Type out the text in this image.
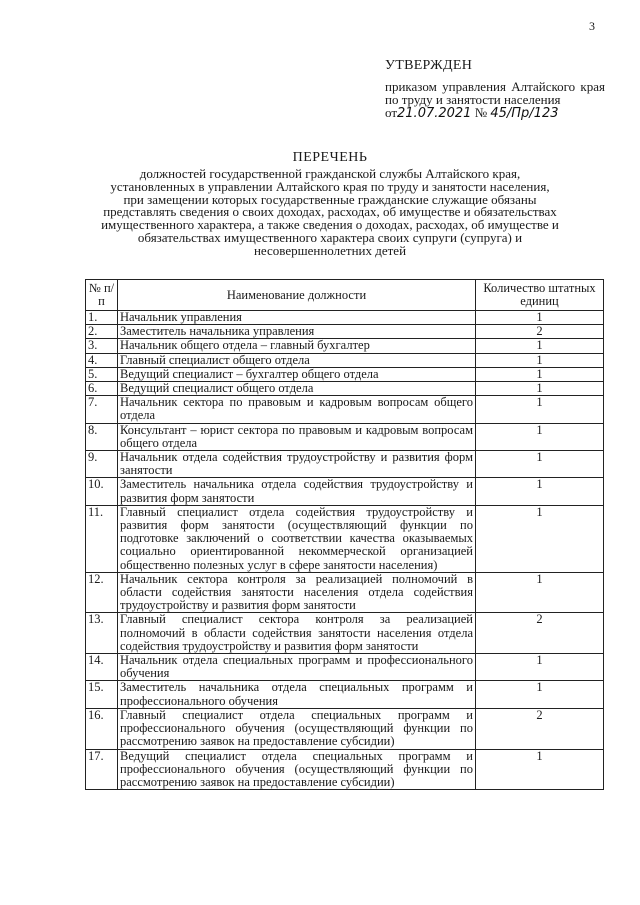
3
УТВЕРЖДЕН
приказом управления Алтайского края по труду и занятости населения
от21.07.2021 № 45/Пр/123
ПЕРЕЧЕНЬ
должностей государственной гражданской службы Алтайского края, установленных в управлении Алтайского края по труду и занятости населения, при замещении которых государственные гражданские служащие обязаны представлять сведения о своих доходах, расходах, об имуществе и обязательствах имущественного характера, а также сведения о доходах, расходах, об имуществе и обязательствах имущественного характера своих супруги (супруга) и несовершеннолетних детей
№ п/п	Наименование должности	Количество штатных единиц
1.	Начальник управления	1
2.	Заместитель начальника управления	2
3.	Начальник общего отдела – главный бухгалтер	1
4.	Главный специалист общего отдела	1
5.	Ведущий специалист – бухгалтер общего отдела	1
6.	Ведущий специалист общего отдела	1
7.	Начальник сектора по правовым и кадровым вопросам общего отдела	1
8.	Консультант – юрист сектора по правовым и кадровым вопросам общего отдела	1
9.	Начальник отдела содействия трудоустройству и развития форм занятости	1
10.	Заместитель начальника отдела содействия трудоустройству и развития форм занятости	1
11.	Главный специалист отдела содействия трудоустройству и развития форм занятости (осуществляющий функции по подготовке заключений о соответствии качества оказываемых социально ориентированной некоммерческой организацией общественно полезных услуг в сфере занятости населения)	1
12.	Начальник сектора контроля за реализацией полномочий в области содействия занятости населения отдела содействия трудоустройству и развития форм занятости	1
13.	Главный специалист сектора контроля за реализацией полномочий в области содействия занятости населения отдела содействия трудоустройству и развития форм занятости	2
14.	Начальник отдела специальных программ и профессионального обучения	1
15.	Заместитель начальника отдела специальных программ и профессионального обучения	1
16.	Главный специалист отдела специальных программ и профессионального обучения (осуществляющий функции по рассмотрению заявок на предоставление субсидии)	2
17.	Ведущий специалист отдела специальных программ и профессионального обучения (осуществляющий функции по рассмотрению заявок на предоставление субсидии)	1
